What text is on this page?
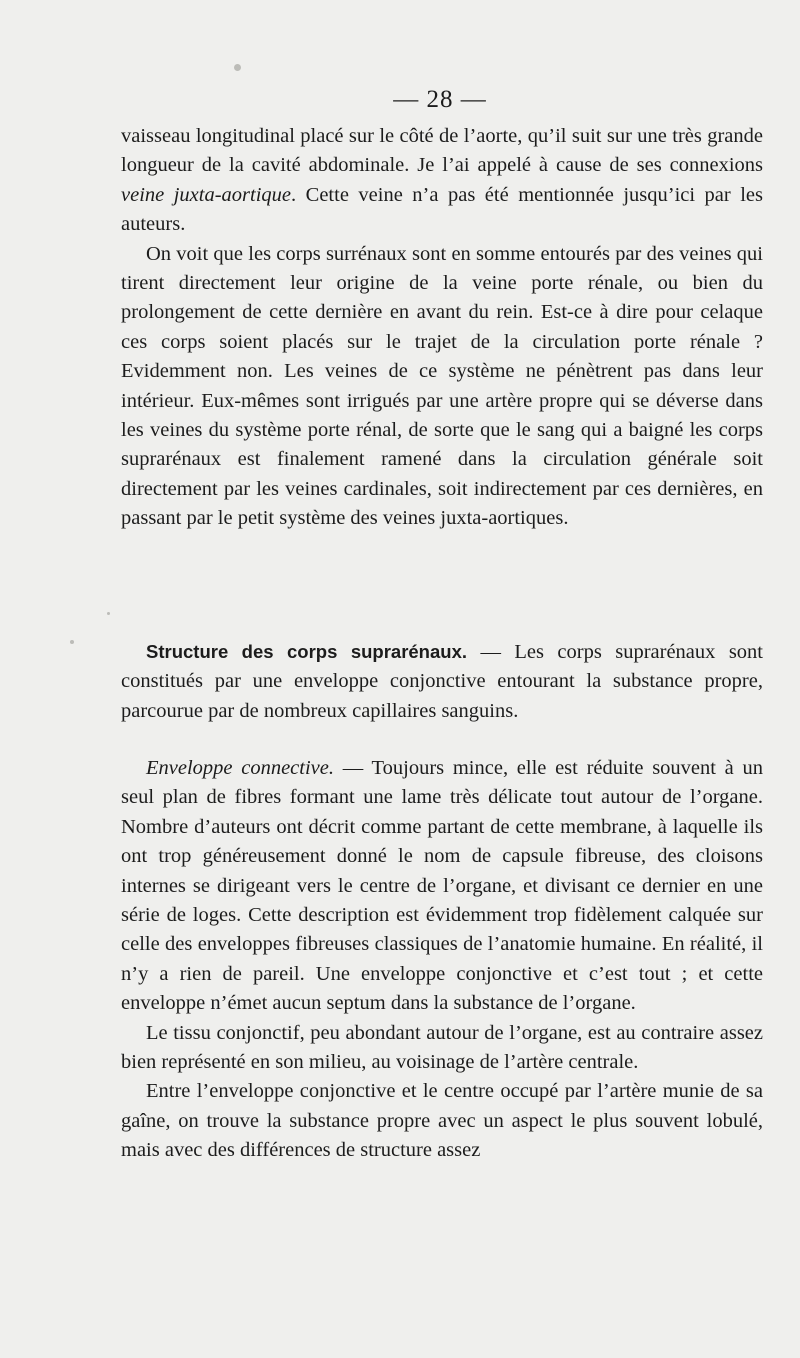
— 28 —

vaisseau longitudinal placé sur le côté de l’aorte, qu’il suit sur une très grande longueur de la cavité abdominale. Je l’ai appelé à cause de ses connexions veine juxta-aortique. Cette veine n’a pas été mentionnée jusqu’ici par les auteurs.

On voit que les corps surrénaux sont en somme entourés par des veines qui tirent directement leur origine de la veine porte rénale, ou bien du prolongement de cette dernière en avant du rein. Est-ce à dire pour celaque ces corps soient placés sur le trajet de la circulation porte rénale ? Evidemment non. Les veines de ce système ne pénètrent pas dans leur intérieur. Eux-mêmes sont irrigués par une artère propre qui se déverse dans les veines du système porte rénal, de sorte que le sang qui a baigné les corps suprarénaux est finalement ramené dans la circulation générale soit directement par les veines cardinales, soit indirectement par ces dernières, en passant par le petit système des veines juxta-aortiques.

Structure des corps suprarénaux. — Les corps suprarénaux sont constitués par une enveloppe conjonctive entourant la substance propre, parcourue par de nombreux capillaires sanguins.

Enveloppe connective. — Toujours mince, elle est réduite souvent à un seul plan de fibres formant une lame très délicate tout autour de l’organe. Nombre d’auteurs ont décrit comme partant de cette membrane, à laquelle ils ont trop généreusement donné le nom de capsule fibreuse, des cloisons internes se dirigeant vers le centre de l’organe, et divisant ce dernier en une série de loges. Cette description est évidemment trop fidèlement calquée sur celle des enveloppes fibreuses classiques de l’anatomie humaine. En réalité, il n’y a rien de pareil. Une enveloppe conjonctive et c’est tout ; et cette enveloppe n’émet aucun septum dans la substance de l’organe.

Le tissu conjonctif, peu abondant autour de l’organe, est au contraire assez bien représenté en son milieu, au voisinage de l’artère centrale.

Entre l’enveloppe conjonctive et le centre occupé par l’artère munie de sa gaîne, on trouve la substance propre avec un aspect le plus souvent lobulé, mais avec des différences de structure assez
